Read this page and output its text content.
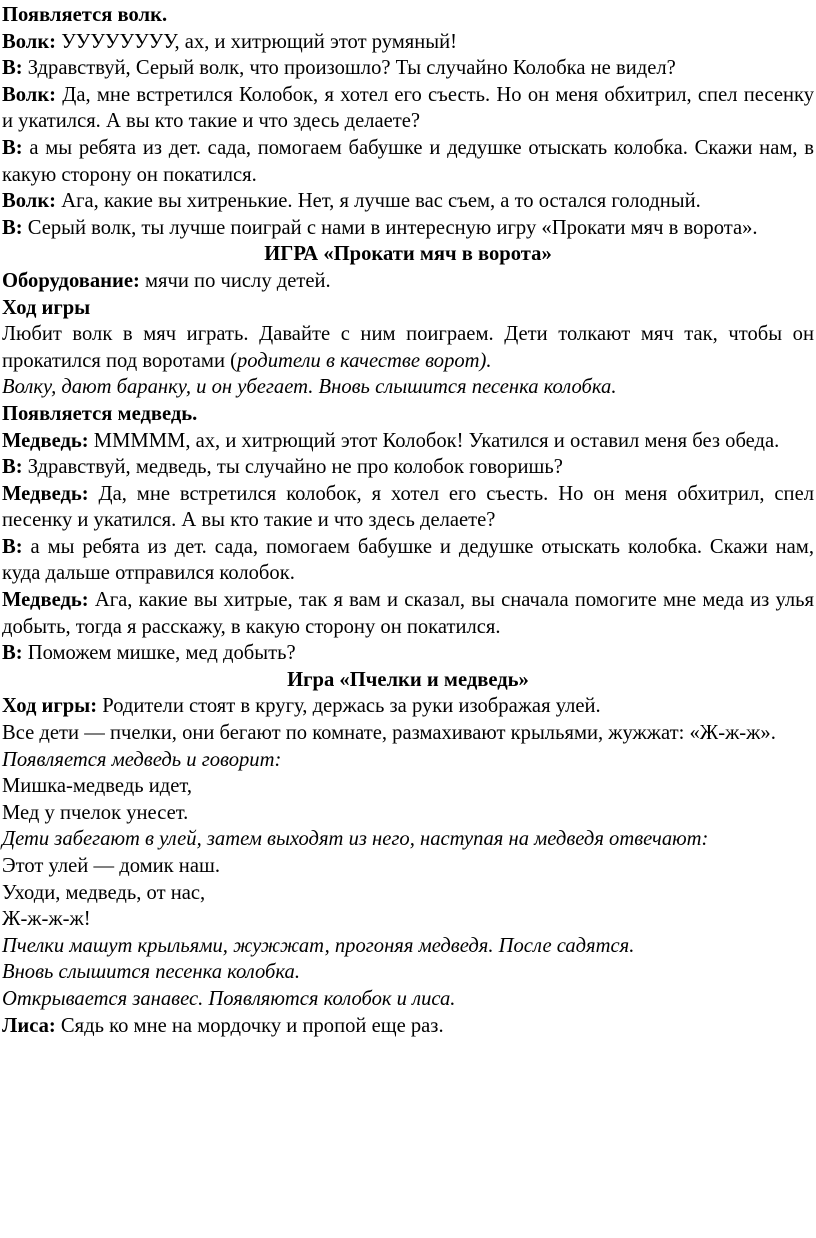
Появляется волк.

Волк: УУУУУУУУ, ах, и хитрющий этот румяный!

В: Здравствуй, Серый волк, что произошло? Ты случайно Колобка не видел?

Волк: Да, мне встретился Колобок, я хотел его съесть. Но он меня обхитрил, спел песенку и укатился. А вы кто такие и что здесь делаете?

В: а мы ребята из дет. сада, помогаем бабушке и дедушке отыскать колобка. Скажи нам, в какую сторону он покатился.

Волк: Ага, какие вы хитренькие. Нет, я лучше вас съем, а то остался голодный.

В: Серый волк, ты лучше поиграй с нами в интересную игру «Прокати мяч в ворота».

ИГРА «Прокати мяч в ворота»

Оборудование: мячи по числу детей.

Ход игры

Любит волк в мяч играть. Давайте с ним поиграем. Дети толкают мяч так, чтобы он прокатился под воротами (родители в качестве ворот).

Волку, дают баранку, и он убегает. Вновь слышится песенка колобка.

Появляется медведь.

Медведь: МММММ, ах, и хитрющий этот Колобок! Укатился и оставил меня без обеда.

В: Здравствуй, медведь, ты случайно не про колобок говоришь?

Медведь: Да, мне встретился колобок, я хотел его съесть. Но он меня обхитрил, спел песенку и укатился. А вы кто такие и что здесь делаете?

В: а мы ребята из дет. сада, помогаем бабушке и дедушке отыскать колобка. Скажи нам, куда дальше отправился колобок.

Медведь: Ага, какие вы хитрые, так я вам и сказал, вы сначала помогите мне меда из улья добыть, тогда я расскажу, в какую сторону он покатился.

В: Поможем мишке, мед добыть?

Игра «Пчелки и медведь»

Ход игры: Родители стоят в кругу, держась за руки изображая улей.

Все дети — пчелки, они бегают по комнате, размахивают крыльями, жужжат: «Ж-ж-ж».

Появляется медведь и говорит:

Мишка-медведь идет,

Мед у пчелок унесет.

Дети забегают в улей, затем выходят из него, наступая на медведя отвечают:

Этот улей — домик наш.

Уходи, медведь, от нас,

Ж-ж-ж-ж!

Пчелки машут крыльями, жужжат, прогоняя медведя. После садятся.

Вновь слышится песенка колобка.

Открывается занавес. Появляются колобок и лиса.

Лиса: Сядь ко мне на мордочку и пропой еще раз.
